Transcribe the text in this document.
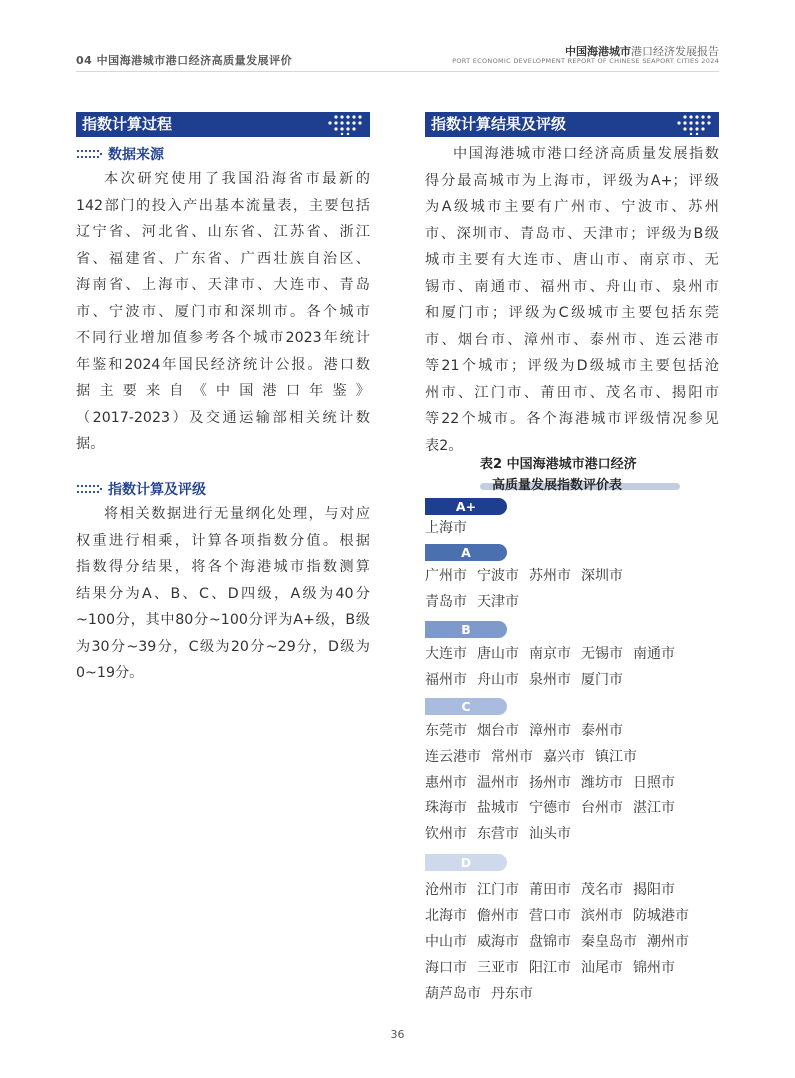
04 中国海港城市港口经济高质量发展评价
中国海港城市港口经济发展报告
PORT ECONOMIC DEVELOPMENT REPORT OF CHINESE SEAPORT CITIES 2024
指数计算过程
数据来源
本次研究使用了我国沿海省市最新的
142部门的投入产出基本流量表，主要包括
辽宁省、河北省、山东省、江苏省、浙江
省、福建省、广东省、广西壮族自治区、
海南省、上海市、天津市、大连市、青岛
市、宁波市、厦门市和深圳市。各个城市
不同行业增加值参考各个城市2023年统计
年鉴和2024年国民经济统计公报。港口数
据主要来自《中国港口年鉴》
（2017-2023）及交通运输部相关统计数
据。
指数计算及评级
将相关数据进行无量纲化处理，与对应
权重进行相乘，计算各项指数分值。根据
指数得分结果，将各个海港城市指数测算
结果分为A、B、C、D四级，A级为40分
~100分，其中80分~100分评为A+级，B级
为30分~39分，C级为20分~29分，D级为
0~19分。
指数计算结果及评级
中国海港城市港口经济高质量发展指数
得分最高城市为上海市，评级为A+；评级
为A级城市主要有广州市、宁波市、苏州
市、深圳市、青岛市、天津市；评级为B级
城市主要有大连市、唐山市、南京市、无
锡市、南通市、福州市、舟山市、泉州市
和厦门市；评级为C级城市主要包括东莞
市、烟台市、漳州市、泰州市、连云港市
等21个城市；评级为D级城市主要包括沧
州市、江门市、莆田市、茂名市、揭阳市
等22个城市。各个海港城市评级情况参见
表2。
表2 中国海港城市港口经济
高质量发展指数评价表
A+
上海市
A
广州市 宁波市 苏州市 深圳市
青岛市 天津市
B
大连市 唐山市 南京市 无锡市 南通市
福州市 舟山市 泉州市 厦门市
C
东莞市 烟台市 漳州市 泰州市
连云港市 常州市 嘉兴市 镇江市
惠州市 温州市 扬州市 潍坊市 日照市
珠海市 盐城市 宁德市 台州市 湛江市
钦州市 东营市 汕头市
D
沧州市 江门市 莆田市 茂名市 揭阳市
北海市 儋州市 营口市 滨州市 防城港市
中山市 威海市 盘锦市 秦皇岛市 潮州市
海口市 三亚市 阳江市 汕尾市 锦州市
葫芦岛市 丹东市
36
